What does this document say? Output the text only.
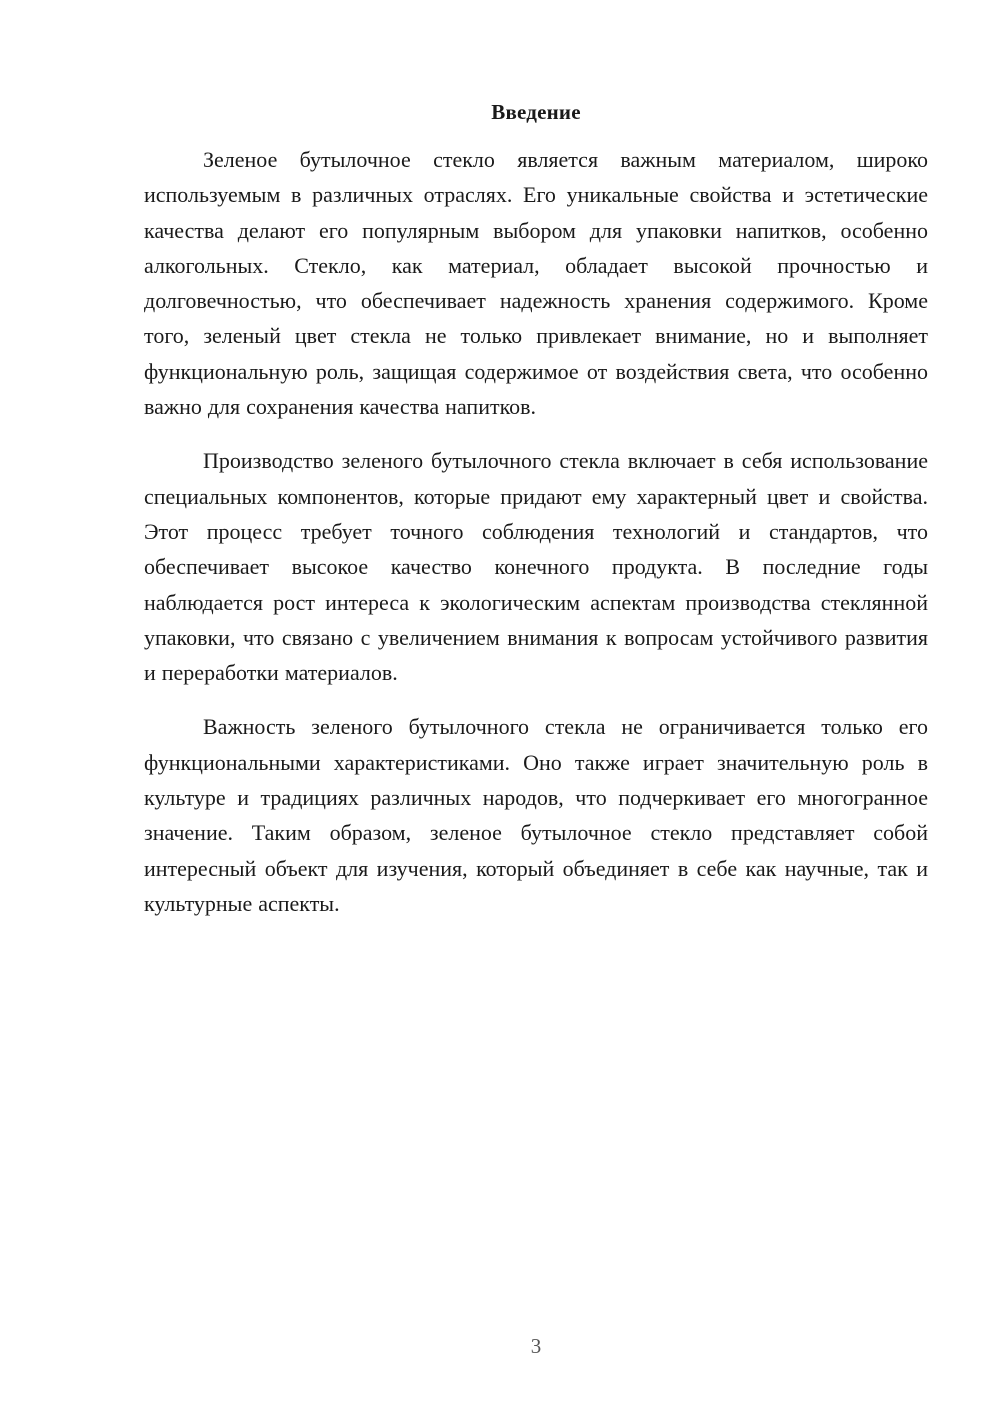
Введение

Зеленое бутылочное стекло является важным материалом, широко используемым в различных отраслях. Его уникальные свойства и эстетические качества делают его популярным выбором для упаковки напитков, особенно алкогольных. Стекло, как материал, обладает высокой прочностью и долговечностью, что обеспечивает надежность хранения содержимого. Кроме того, зеленый цвет стекла не только привлекает внимание, но и выполняет функциональную роль, защищая содержимое от воздействия света, что особенно важно для сохранения качества напитков.

Производство зеленого бутылочного стекла включает в себя использование специальных компонентов, которые придают ему характерный цвет и свойства. Этот процесс требует точного соблюдения технологий и стандартов, что обеспечивает высокое качество конечного продукта. В последние годы наблюдается рост интереса к экологическим аспектам производства стеклянной упаковки, что связано с увеличением внимания к вопросам устойчивого развития и переработки материалов.

Важность зеленого бутылочного стекла не ограничивается только его функциональными характеристиками. Оно также играет значительную роль в культуре и традициях различных народов, что подчеркивает его многогранное значение. Таким образом, зеленое бутылочное стекло представляет собой интересный объект для изучения, который объединяет в себе как научные, так и культурные аспекты.

3
